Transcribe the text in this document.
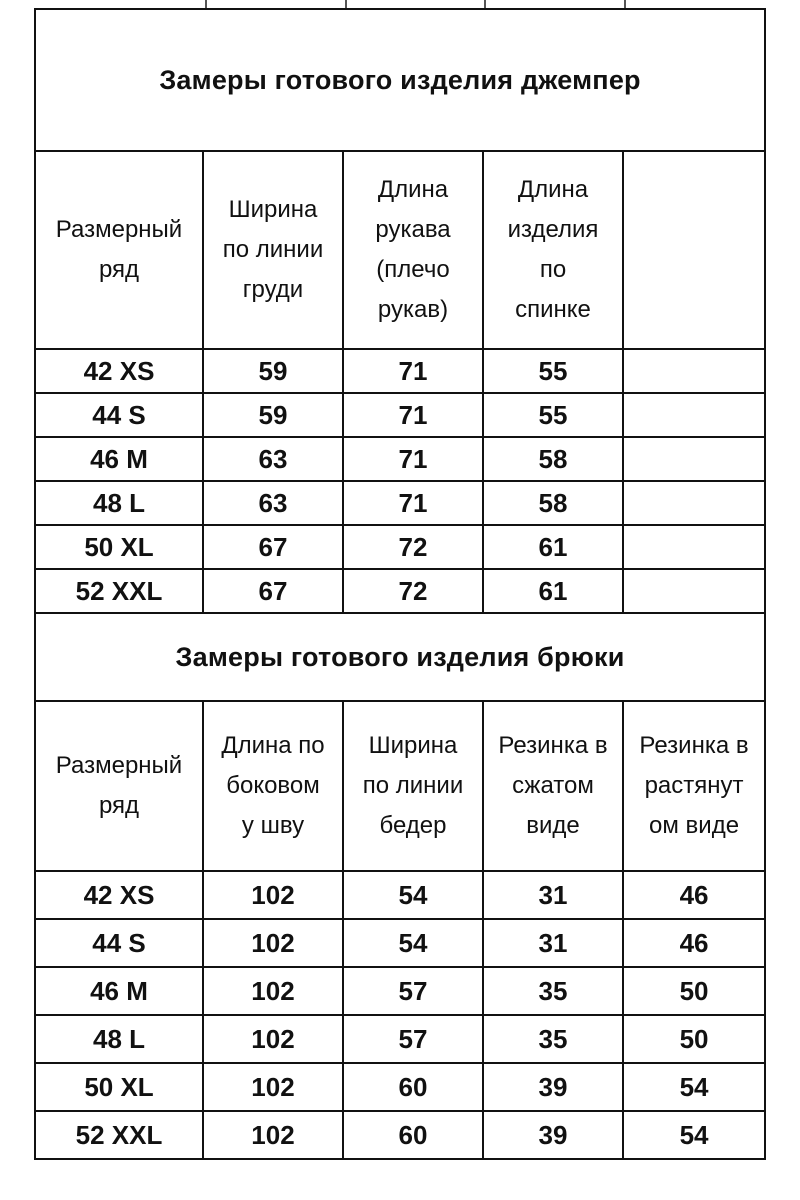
Замеры готового изделия джемпер				
Размерный
ряд	Ширина
по линии
груди	Длина
рукава
(плечо
рукав)	Длина
изделия
по
спинке	
42 XS	59	71	55	
44 S	59	71	55	
46 M	63	71	58	
48 L	63	71	58	
50 XL	67	72	61	
52 XXL	67	72	61	
Замеры готового изделия брюки				
Размерный
ряд	Длина по
боковом
у шву	Ширина
по линии
бедер	Резинка в
сжатом
виде	Резинка в
растянут
ом виде
42 XS	102	54	31	46
44 S	102	54	31	46
46 M	102	57	35	50
48 L	102	57	35	50
50 XL	102	60	39	54
52 XXL	102	60	39	54
